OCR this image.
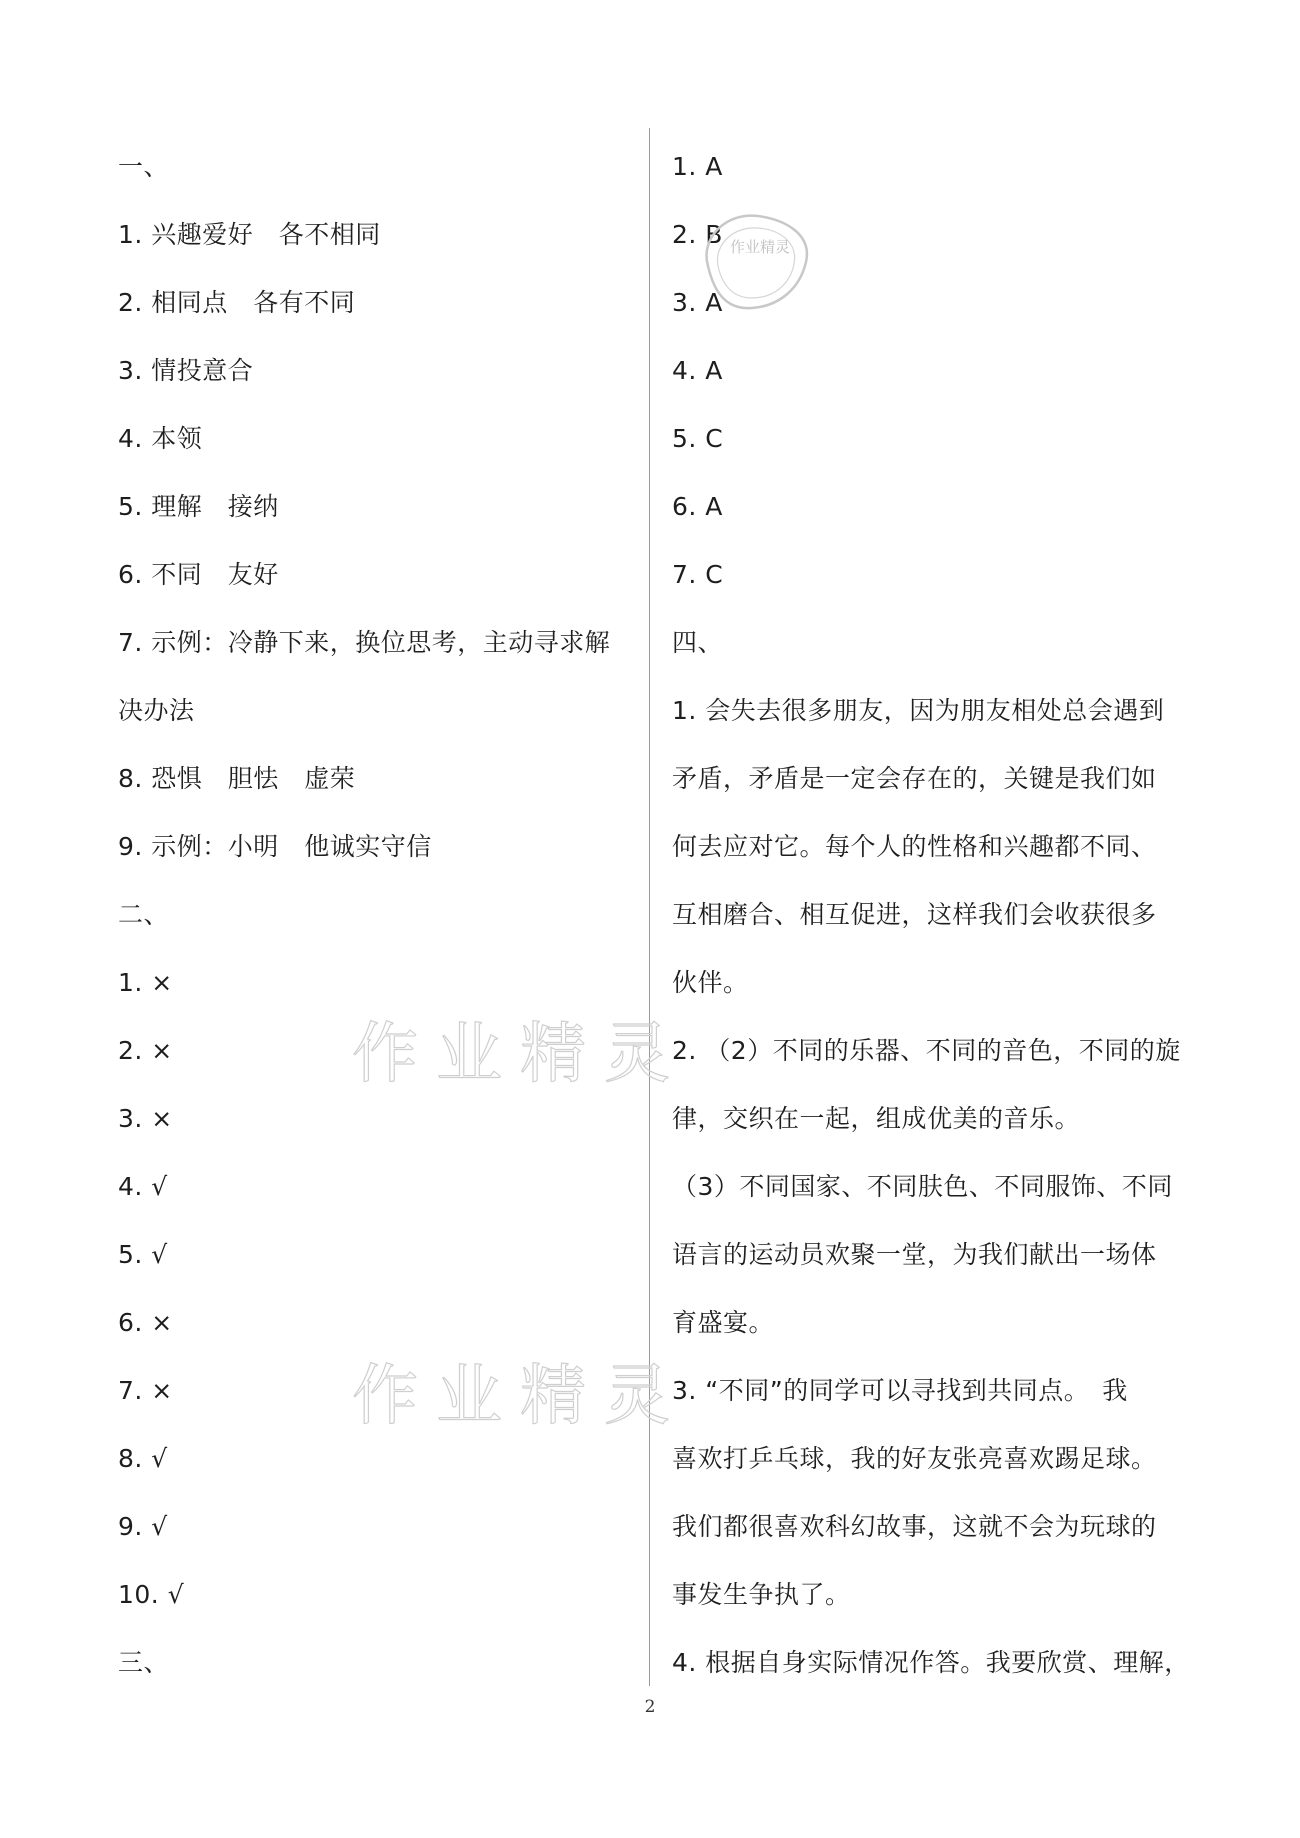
一、
1. 兴趣爱好　各不相同
2. 相同点　各有不同
3. 情投意合
4. 本领
5. 理解　接纳
6. 不同　友好
7. 示例：冷静下来，换位思考，主动寻求解
决办法
8. 恐惧　胆怯　虚荣
9. 示例：小明　他诚实守信
二、
1. ×
2. ×
3. ×
4. √
5. √
6. ×
7. ×
8. √
9. √
10. √
三、
1. A
2. B
3. A
4. A
5. C
6. A
7. C
四、
1. 会失去很多朋友，因为朋友相处总会遇到
矛盾，矛盾是一定会存在的，关键是我们如
何去应对它。每个人的性格和兴趣都不同、
互相磨合、相互促进，这样我们会收获很多
伙伴。
2. （2）不同的乐器、不同的音色，不同的旋
律，交织在一起，组成优美的音乐。
（3）不同国家、不同肤色、不同服饰、不同
语言的运动员欢聚一堂，为我们献出一场体
育盛宴。
3. “不同”的同学可以寻找到共同点。　我
喜欢打乒乓球，我的好友张亮喜欢踢足球。
我们都很喜欢科幻故事，这就不会为玩球的
事发生争执了。
4. 根据自身实际情况作答。我要欣赏、理解，
作业精灵
作业精灵
作业精灵
2
